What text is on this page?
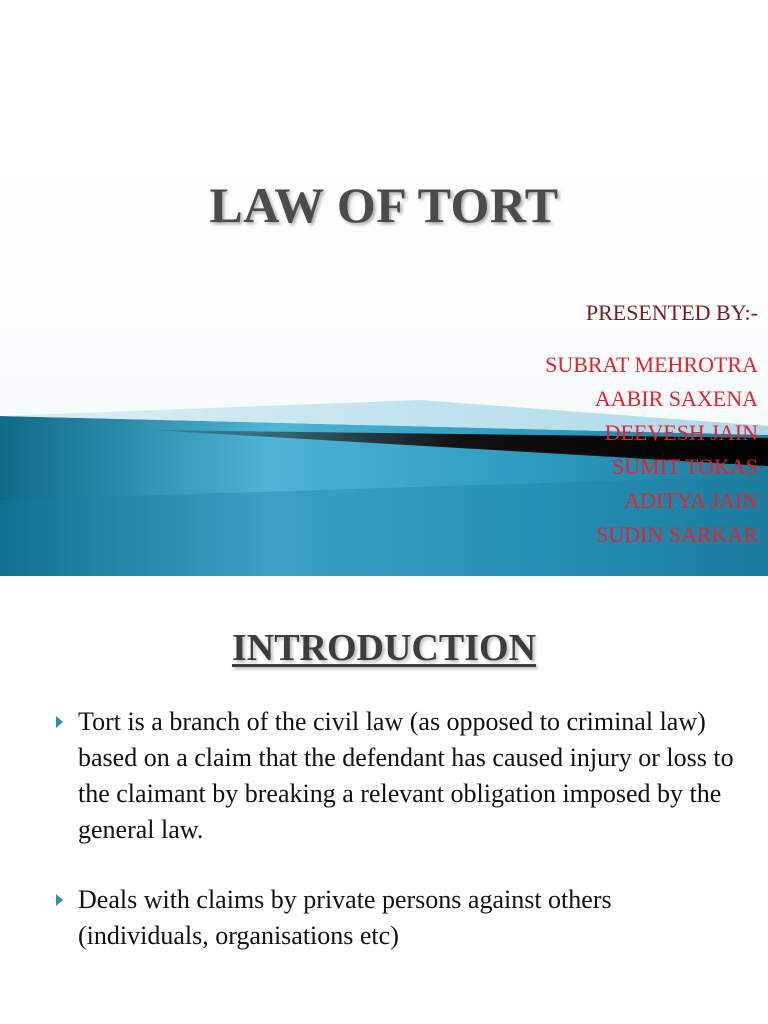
LAW OF TORT
PRESENTED BY:-
SUBRAT MEHROTRA
AABIR SAXENA
DEEVESH JAIN
SUMIT TOKAS
ADITYA JAIN
SUDIN SARKAR
INTRODUCTION
Tort is a branch of the civil law (as opposed to criminal law) based on a claim that the defendant has caused injury or loss to the claimant by breaking a relevant obligation imposed by the general law.
Deals with claims by private persons against others (individuals, organisations etc)
